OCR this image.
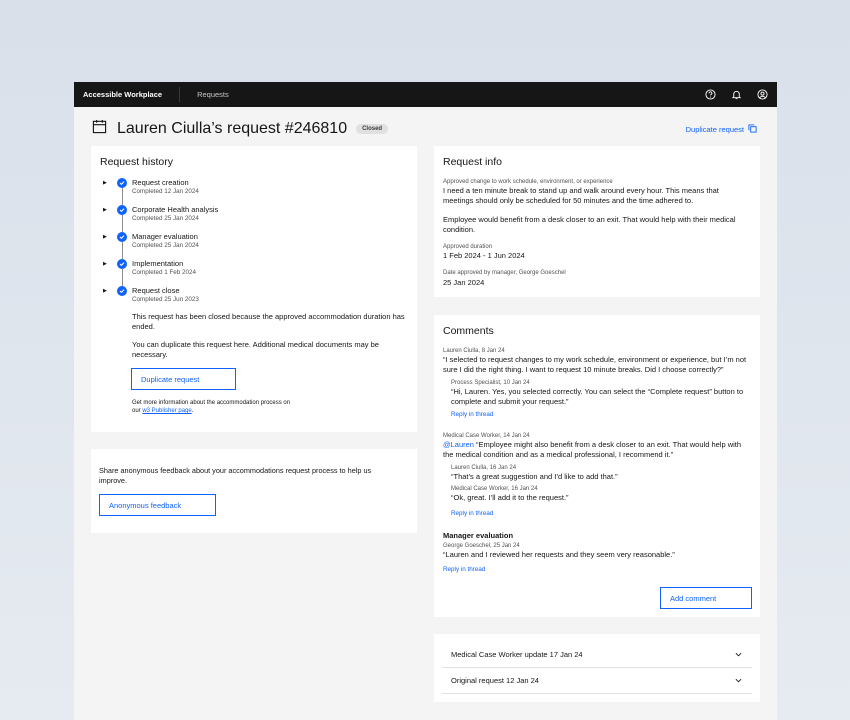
Accessible Workplace	Requests
Lauren Ciulla’s request #246810	Closed	Duplicate request
Request history
▶	Request creation
Completed 12 Jan 2024
▶	Corporate Health analysis
Completed 25 Jan 2024
▶	Manager evaluation
Completed 25 Jan 2024
▶	Implementation
Completed 1 Feb 2024
▶	Request close
Completed 25 Jun 2023
This request has been closed because the approved accommodation duration has ended.
You can duplicate this request here. Additional medical documents may be necessary.
Duplicate request
Get more information about the accommodation process on
our w3 Publisher page.
Share anonymous feedback about your accommodations request process to help us improve.
Anonymous feedback
Request info
Approved change to work schedule, environment, or experience
I need a ten minute break to stand up and walk around every hour. This means that meetings should only be scheduled for 50 minutes and the time adhered to.
Employee would benefit from a desk closer to an exit. That would help with their medical condition.
Approved duration
1 Feb 2024 - 1 Jun 2024
Date approved by manager, George Goeschel
25 Jan 2024
Comments
Lauren Ciulla, 8 Jan 24
“I selected to request changes to my work schedule, environment or experience, but I’m not sure I did the right thing. I want to request 10 minute breaks. Did I choose correctly?”
Process Specialist, 10 Jan 24
“Hi, Lauren. Yes, you selected correctly. You can select the “Complete request” button to complete and submit your request.”
Reply in thread
Medical Case Worker, 14 Jan 24
@Lauren “Employee might also benefit from a desk closer to an exit. That would help with the medical condition and as a medical professional, I recommend it.”
Lauren Ciulla, 16 Jan 24
“That’s a great suggestion and I’d like to add that.”
Medical Case Worker, 16 Jan 24
“Ok, great. I’ll add it to the request.”
Reply in thread
Manager evaluation
George Goeschel, 25 Jan 24
“Lauren and I reviewed her requests and they seem very reasonable.”
Reply in thread
Add comment
Medical Case Worker update 17 Jan 24
Original request 12 Jan 24
